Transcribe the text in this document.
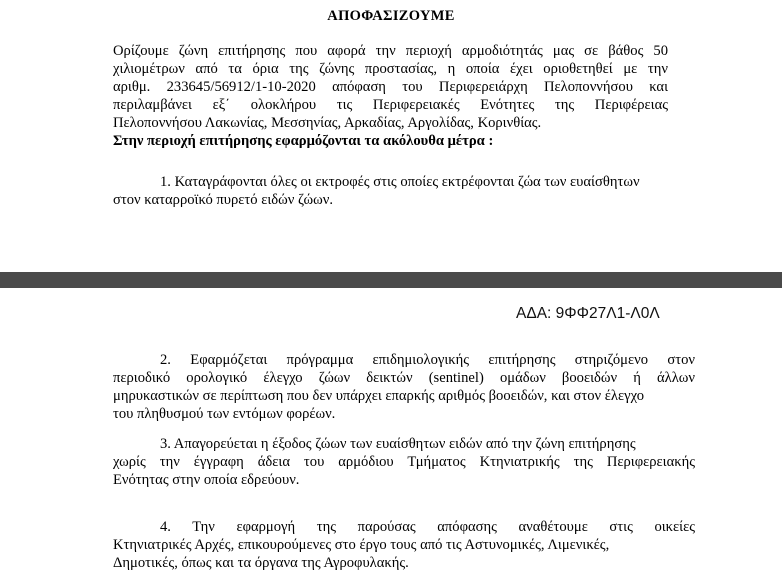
ΑΠΟΦΑΣΙΖΟΥΜΕ
Ορίζουμε ζώνη επιτήρησης που αφορά την περιοχή αρμοδιότητάς μας σε βάθος 50
χιλιομέτρων από τα όρια της ζώνης προστασίας, η οποία έχει οριοθετηθεί με την
αριθμ. 233645/56912/1-10-2020 απόφαση του Περιφερειάρχη Πελοποννήσου και
περιλαμβάνει εξ΄ ολοκλήρου τις Περιφερειακές Ενότητες της Περιφέρειας
Πελοποννήσου Λακωνίας, Μεσσηνίας, Αρκαδίας, Αργολίδας, Κορινθίας.
Στην περιοχή επιτήρησης εφαρμόζονται τα ακόλουθα μέτρα :
1. Καταγράφονται όλες οι εκτροφές στις οποίες εκτρέφονται ζώα των ευαίσθητων
στον καταρροϊκό πυρετό ειδών ζώων.
ΑΔΑ: 9ΦΦ27Λ1-Λ0Λ
2. Εφαρμόζεται πρόγραμμα επιδημιολογικής επιτήρησης στηριζόμενο στον
περιοδικό ορολογικό έλεγχο ζώων δεικτών (sentinel) ομάδων βοοειδών ή άλλων
μηρυκαστικών σε περίπτωση που δεν υπάρχει επαρκής αριθμός βοοειδών, και στον έλεγχο
του πληθυσμού των εντόμων φορέων.
3. Απαγορεύεται η έξοδος ζώων των ευαίσθητων ειδών από την ζώνη επιτήρησης
χωρίς την έγγραφη άδεια του αρμόδιου Τμήματος Κτηνιατρικής της Περιφερειακής
Ενότητας στην οποία εδρεύουν.
4. Την εφαρμογή της παρούσας απόφασης αναθέτουμε στις οικείες
Κτηνιατρικές Αρχές, επικουρούμενες στο έργο τους από τις Αστυνομικές, Λιμενικές,
Δημοτικές, όπως και τα όργανα της Αγροφυλακής.
